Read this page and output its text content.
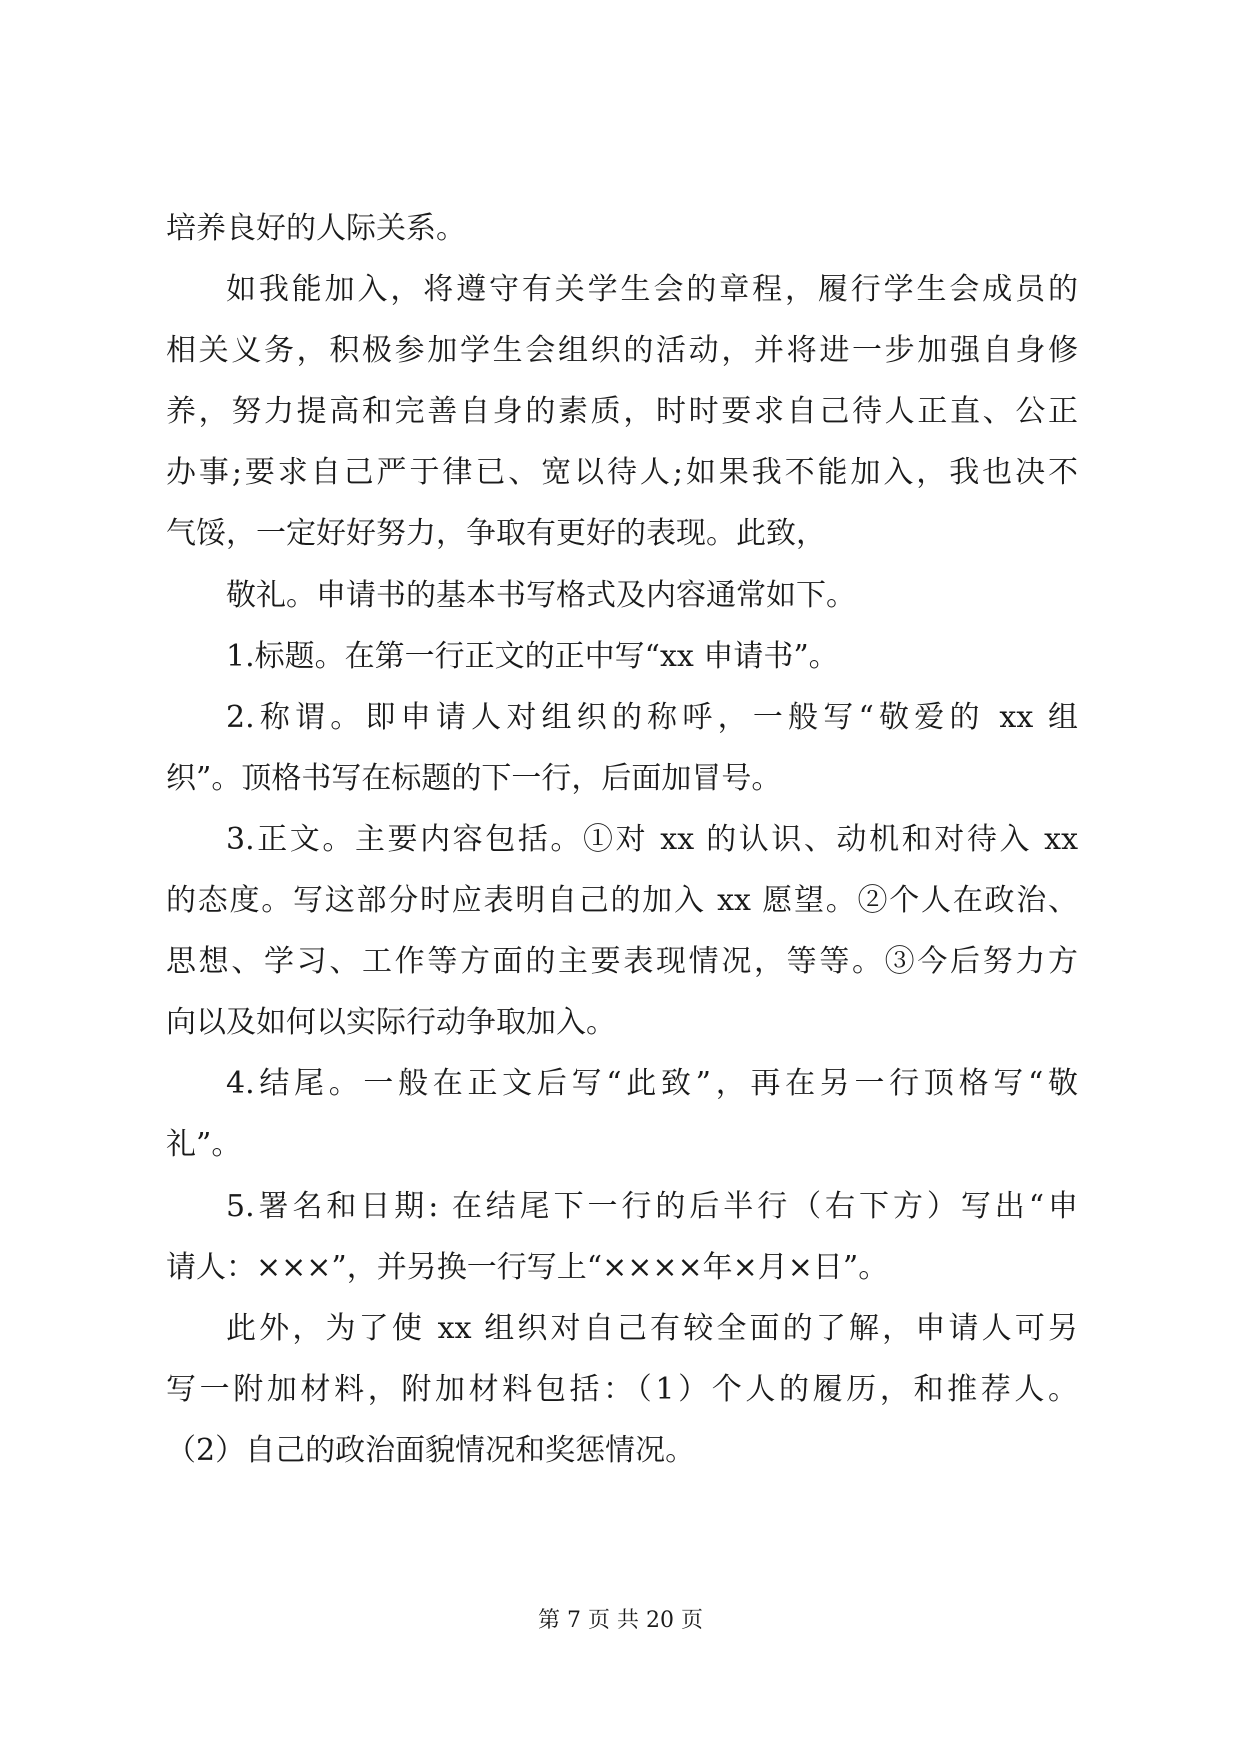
培养良好的人际关系。
如我能加入，将遵守有关学生会的章程，履行学生会成员的
相关义务，积极参加学生会组织的活动，并将进一步加强自身修
养，努力提高和完善自身的素质，时时要求自己待人正直、公正
办事;要求自己严于律已、宽以待人;如果我不能加入，我也决不
气馁，一定好好努力，争取有更好的表现。此致，
敬礼。申请书的基本书写格式及内容通常如下。
1.标题。在第一行正文的正中写“xx 申请书”。
2.称谓。即申请人对组织的称呼，一般写“敬爱的 xx 组
织”。顶格书写在标题的下一行，后面加冒号。
3.正文。主要内容包括。①对 xx 的认识、动机和对待入 xx
的态度。写这部分时应表明自己的加入 xx 愿望。②个人在政治、
思想、学习、工作等方面的主要表现情况，等等。③今后努力方
向以及如何以实际行动争取加入。
4.结尾。一般在正文后写“此致”，再在另一行顶格写“敬
礼”。
5.署名和日期: 在结尾下一行的后半行（右下方）写出“申
请人：×××”，并另换一行写上“××××年×月×日”。
此外，为了使 xx 组织对自己有较全面的了解，申请人可另
写一附加材料，附加材料包括：（1）个人的履历，和推荐人。
（2）自己的政治面貌情况和奖惩情况。
第 7 页 共 20 页
